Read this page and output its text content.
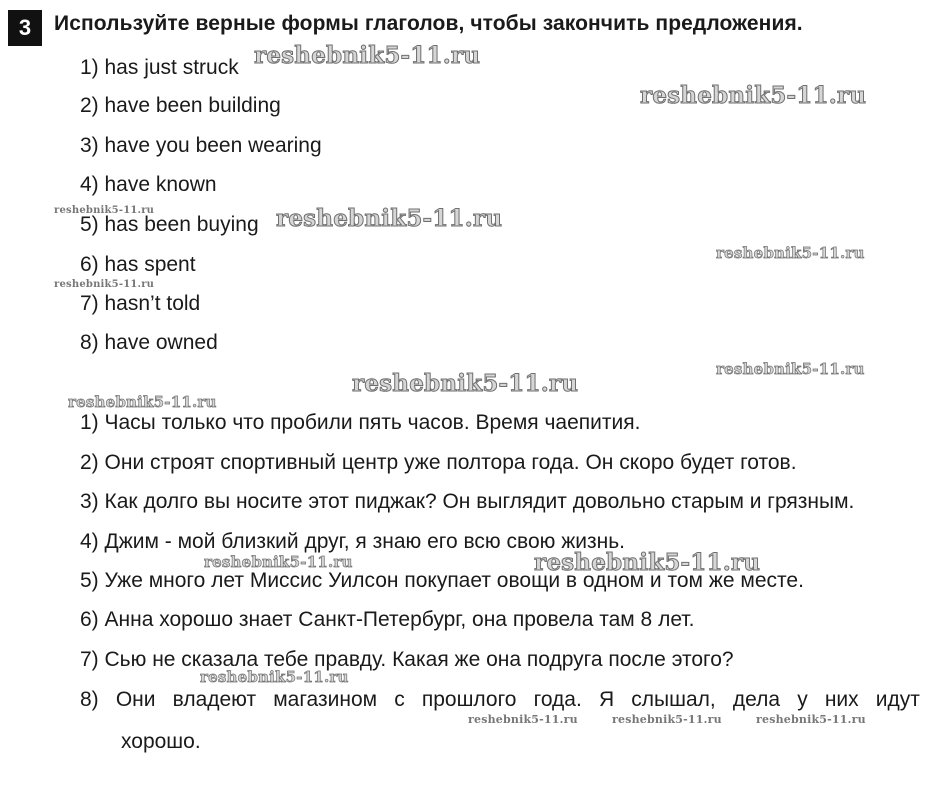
3	Используйте верные формы глаголов, чтобы закончить предложения.
1) has just struck
2) have been building
3) have you been wearing
4) have known
5) has been buying
6) has spent
7) hasn’t told
8) have owned
1) Часы только что пробили пять часов. Время чаепития.
2) Они строят спортивный центр уже полтора года. Он скоро будет готов.
3) Как долго вы носите этот пиджак? Он выглядит довольно старым и грязным.
4) Джим - мой близкий друг, я знаю его всю свою жизнь.
5) Уже много лет Миссис Уилсон покупает овощи в одном и том же месте.
6) Анна хорошо знает Санкт-Петербург, она провела там 8 лет.
7) Сью не сказала тебе правду. Какая же она подруга после этого?
8) Они владеют магазином с прошлого года. Я слышал, дела у них идут
хорошо.
reshebnik5-11.ru
reshebnik5-11.ru
reshebnik5-11.ru	reshebnik5-11.ru
reshebnik5-11.ru
reshebnik5-11.ru
reshebnik5-11.ru
reshebnik5-11.ru
reshebnik5-11.ru
reshebnik5-11.ru	reshebnik5-11.ru
reshebnik5-11.ru
reshebnik5-11.ru	reshebnik5-11.ru	reshebnik5-11.ru
